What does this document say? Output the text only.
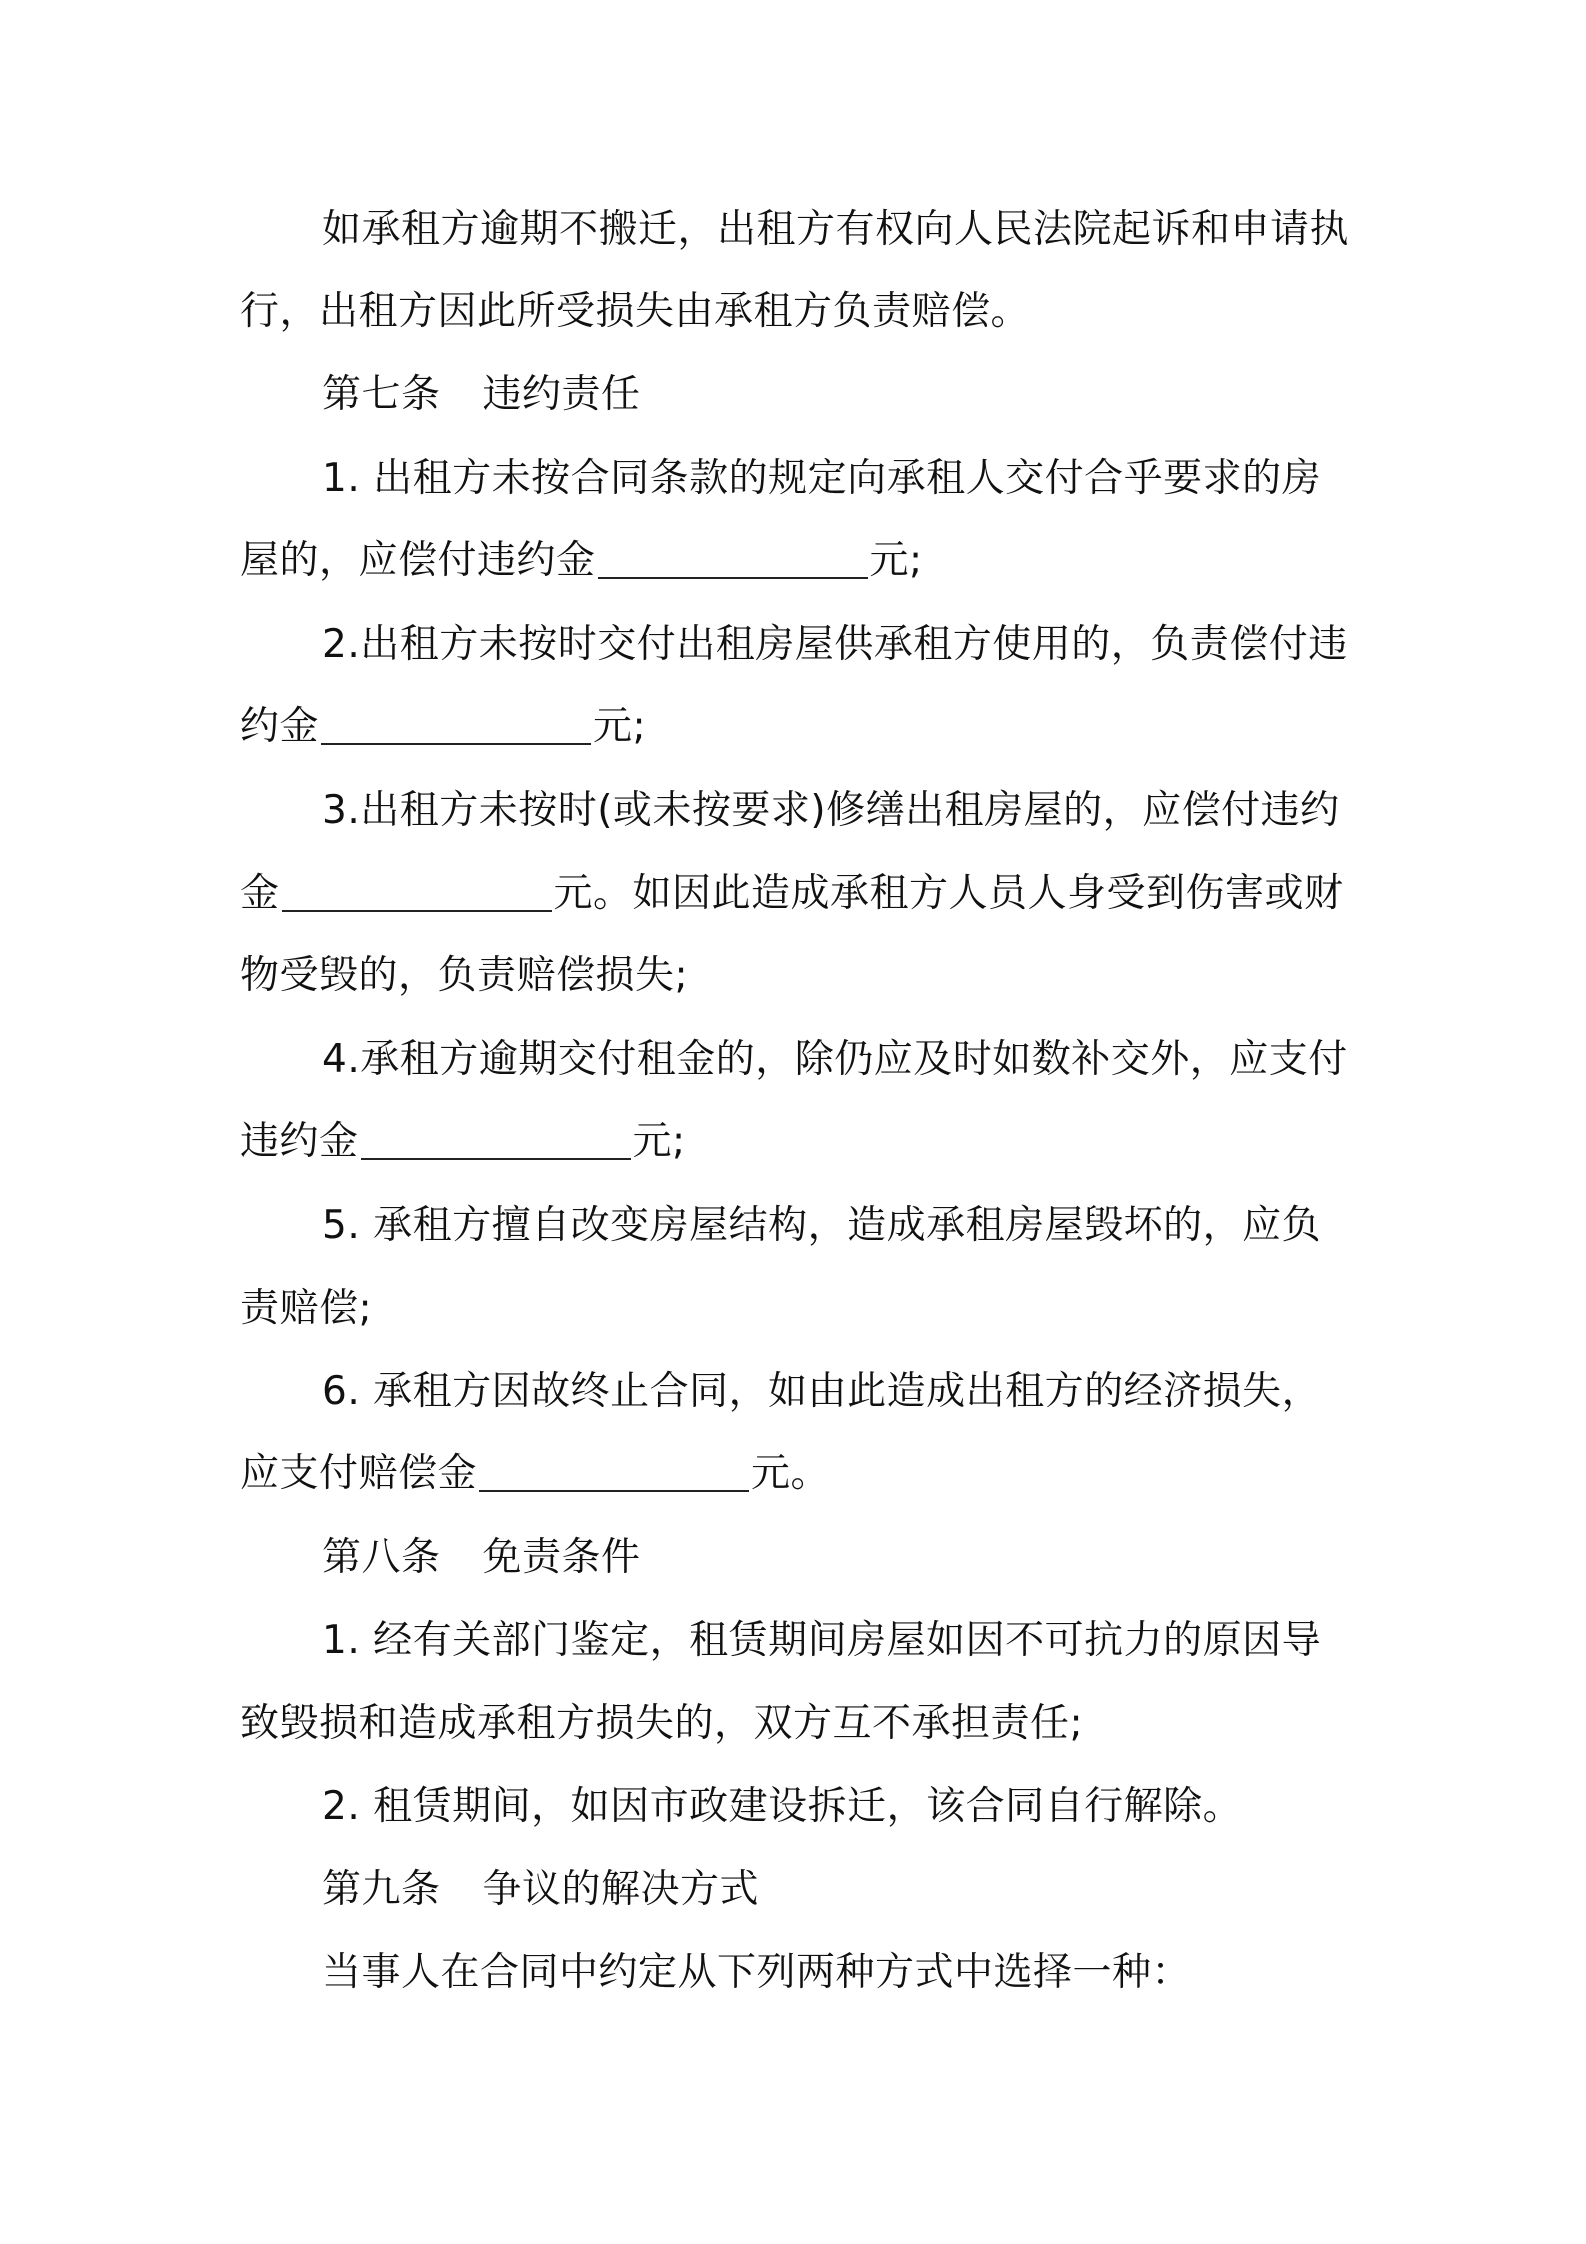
如承租方逾期不搬迁，出租方有权向人民法院起诉和申请执
行，出租方因此所受损失由承租方负责赔偿。
第七条 违约责任
1. 出租方未按合同条款的规定向承租人交付合乎要求的房
屋的，应偿付违约金	元;
2.出租方未按时交付出租房屋供承租方使用的，负责偿付违
约金	元;
3.出租方未按时(或未按要求)修缮出租房屋的，应偿付违约
金	元。如因此造成承租方人员人身受到伤害或财
物受毁的，负责赔偿损失;
4.承租方逾期交付租金的，除仍应及时如数补交外，应支付
违约金	元;
5. 承租方擅自改变房屋结构，造成承租房屋毁坏的，应负
责赔偿;
6. 承租方因故终止合同，如由此造成出租方的经济损失，
应支付赔偿金	元。
第八条 免责条件
1. 经有关部门鉴定，租赁期间房屋如因不可抗力的原因导
致毁损和造成承租方损失的，双方互不承担责任;
2. 租赁期间，如因市政建设拆迁，该合同自行解除。
第九条 争议的解决方式
当事人在合同中约定从下列两种方式中选择一种：
